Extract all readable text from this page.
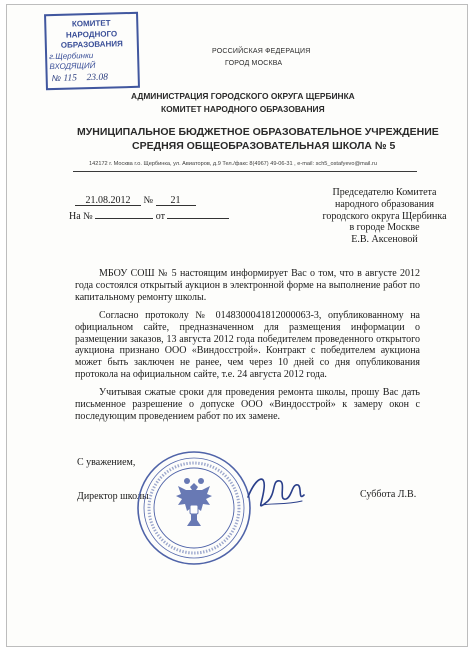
КОМИТЕТ НАРОДНОГО
ОБРАЗОВАНИЯ
г.Щербинки
ВХОДЯЩИЙ
№ 115 23.08
РОССИЙСКАЯ ФЕДЕРАЦИЯ
ГОРОД МОСКВА
АДМИНИСТРАЦИЯ ГОРОДСКОГО ОКРУГА ЩЕРБИНКА
КОМИТЕТ НАРОДНОГО ОБРАЗОВАНИЯ
МУНИЦИПАЛЬНОЕ БЮДЖЕТНОЕ ОБРАЗОВАТЕЛЬНОЕ УЧРЕЖДЕНИЕ
СРЕДНЯЯ ОБЩЕОБРАЗОВАТЕЛЬНАЯ ШКОЛА № 5
142172 г. Москва г.о. Щербинка, ул. Авиаторов, д.9 Тел./факс 8(4967) 49-06-31 , e-mail: sch5_ostafyevo@mail.ru
21.08.2012 № 21
На №	от
Председателю Комитета
народного образования
городского округа Щербинка
в городе Москве
Е.В. Аксеновой

МБОУ СОШ № 5 настоящим информирует Вас о том, что в августе 2012 года состоялся открытый аукцион в электронной форме на выполнение работ по капитальному ремонту школы.

Согласно протоколу № 0148300041812000063-3, опубликованному на официальном сайте, предназначенном для размещения информации о размещении заказов, 13 августа 2012 года победителем проведенного открытого аукциона признано ООО «Виндосстрой». Контракт с победителем аукциона может быть заключен не ранее, чем через 10 дней со дня опубликования протокола на официальном сайте, т.е. 24 августа 2012 года.

Учитывая сжатые сроки для проведения ремонта школы, прошу Вас дать письменное разрешение о допуске ООО «Виндосстрой» к замеру окон с последующим проведением работ по их замене.

С уважением,
Директор школы	Суббота Л.В.
